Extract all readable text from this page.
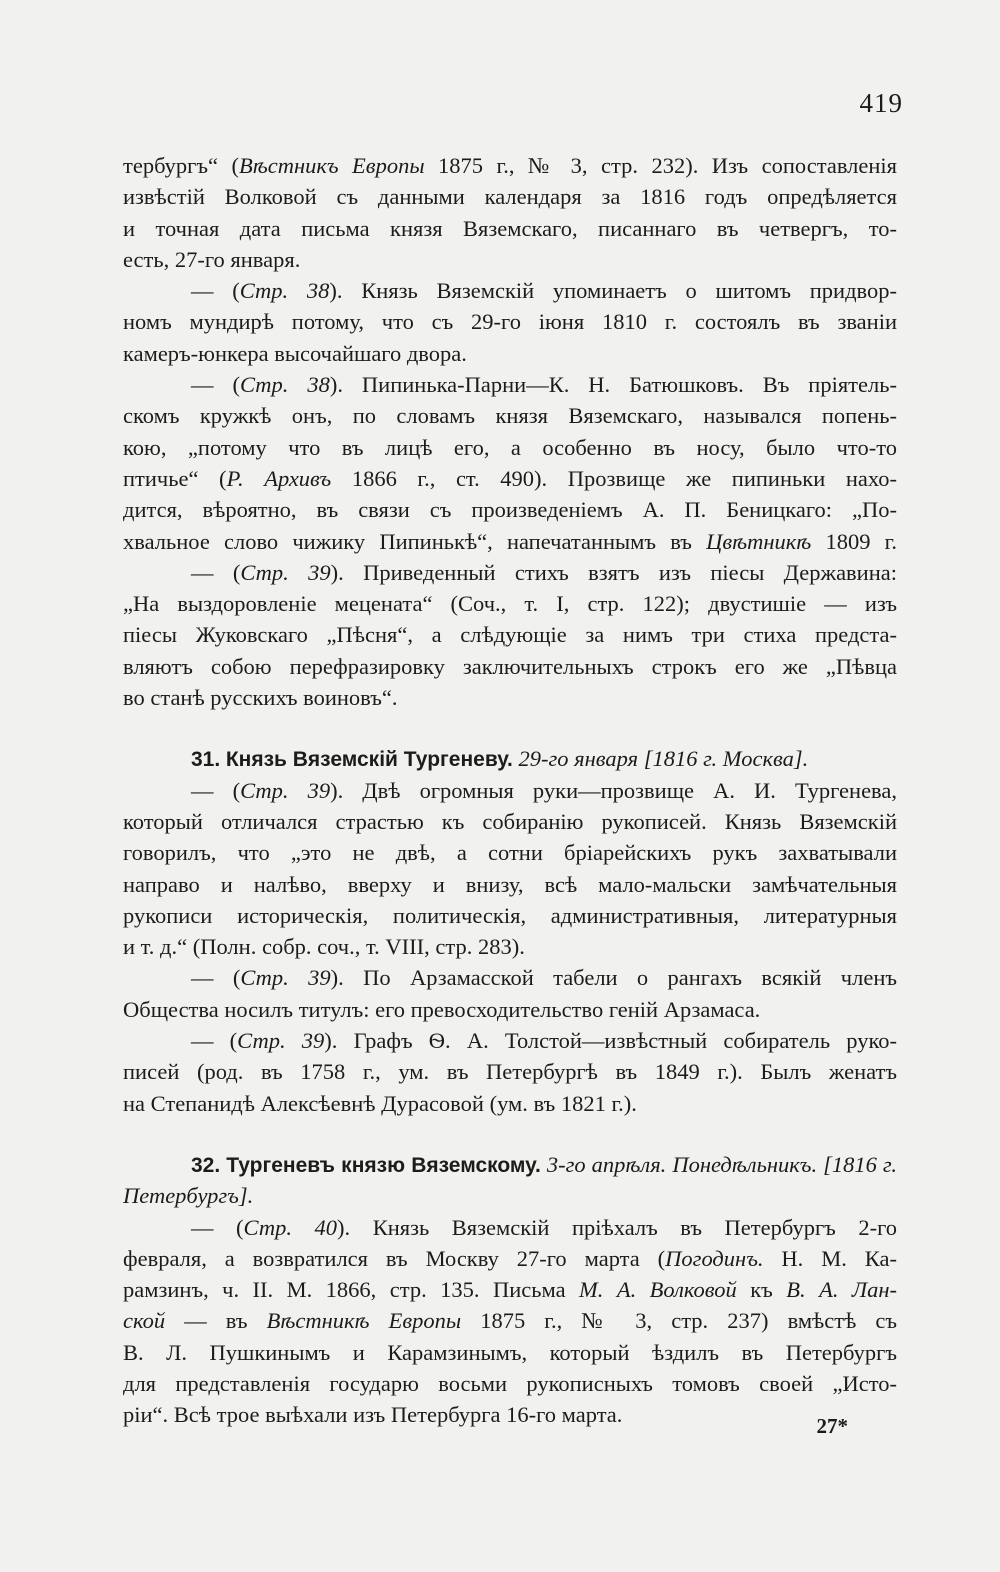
419
тербургъ“ (Вѣстникъ Европы 1875 г., № 3, стр. 232). Изъ сопоставленія
извѣстій Волковой съ данными календаря за 1816 годъ опредѣляется
и точная дата письма князя Вяземскаго, писаннаго въ четвергъ, то-
есть, 27-го января.
— (Стр. 38). Князь Вяземскій упоминаетъ о шитомъ придвор-
номъ мундирѣ потому, что съ 29-го іюня 1810 г. состоялъ въ званіи
камеръ-юнкера высочайшаго двора.
— (Стр. 38). Пипинька-Парни—К. Н. Батюшковъ. Въ пріятель-
скомъ кружкѣ онъ, по словамъ князя Вяземскаго, назывался попень-
кою, „потому что въ лицѣ его, а особенно въ носу, было что-то
птичье“ (Р. Архивъ 1866 г., ст. 490). Прозвище же пипиньки нахо-
дится, вѣроятно, въ связи съ произведеніемъ А. П. Беницкаго: „По-
хвальное слово чижику Пипинькѣ“, напечатаннымъ въ Цвѣтникѣ 1809 г.
— (Стр. 39). Приведенный стихъ взятъ изъ піесы Державина:
„На выздоровленіе мецената“ (Соч., т. I, стр. 122); двустишіе — изъ
піесы Жуковскаго „Пѣсня“, а слѣдующіе за нимъ три стиха предста-
вляютъ собою перефразировку заключительныхъ строкъ его же „Пѣвца
во станѣ русскихъ воиновъ“.
31. Князь Вяземскій Тургеневу. 29-го января [1816 г. Москва].
— (Стр. 39). Двѣ огромныя руки—прозвище А. И. Тургенева,
который отличался страстью къ собиранію рукописей. Князь Вяземскій
говорилъ, что „это не двѣ, а сотни бріарейскихъ рукъ захватывали
направо и налѣво, вверху и внизу, всѣ мало-мальски замѣчательныя
рукописи историческія, политическія, административныя, литературныя
и т. д.“ (Полн. собр. соч., т. VIII, стр. 283).
— (Стр. 39). По Арзамасской табели о рангахъ всякій членъ
Общества носилъ титулъ: его превосходительство геній Арзамаса.
— (Стр. 39). Графъ Ѳ. А. Толстой—извѣстный собиратель руко-
писей (род. въ 1758 г., ум. въ Петербургѣ въ 1849 г.). Былъ женатъ
на Степанидѣ Алексѣевнѣ Дурасовой (ум. въ 1821 г.).
32. Тургеневъ князю Вяземскому. 3-го апрѣля. Понедѣльникъ. [1816 г.
Петербургъ].
— (Стр. 40). Князь Вяземскій пріѣхалъ въ Петербургъ 2-го
февраля, а возвратился въ Москву 27-го марта (Погодинъ. Н. М. Ка-
рамзинъ, ч. II. М. 1866, стр. 135. Письма М. А. Волковой къ В. А. Лан-
ской — въ Вѣстникѣ Европы 1875 г., № 3, стр. 237) вмѣстѣ съ
В. Л. Пушкинымъ и Карамзинымъ, который ѣздилъ въ Петербургъ
для представленія государю восьми рукописныхъ томовъ своей „Исто-
ріи“. Всѣ трое выѣхали изъ Петербурга 16-го марта.	27*
